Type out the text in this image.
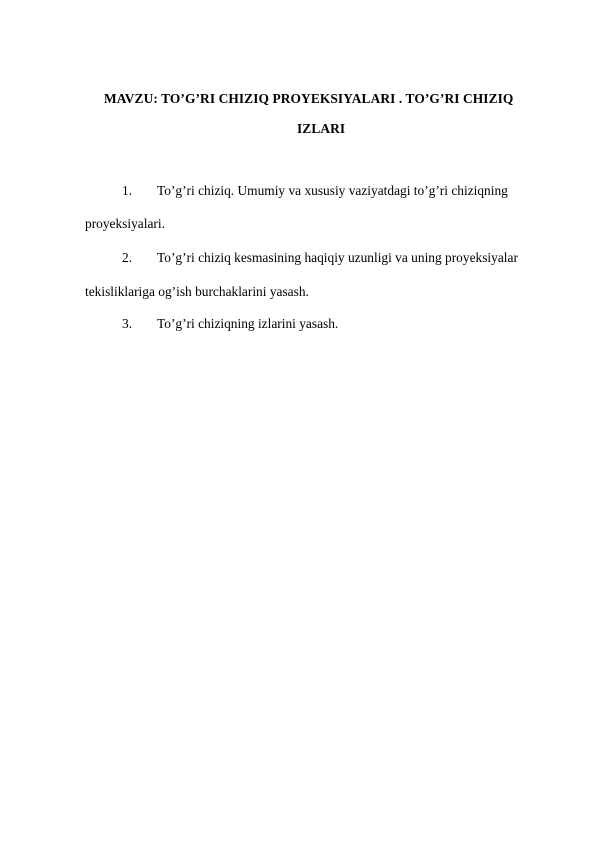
MAVZU: TO’G’RI CHIZIQ PROYEKSIYALARI . TO’G’RI CHIZIQ
IZLARI
1. To’g’ri chiziq. Umumiy va xususiy vaziyatdagi to’g’ri chiziqning
proyeksiyalari.
2. To’g’ri chiziq kesmasining haqiqiy uzunligi va uning proyeksiyalar
tekisliklariga og’ish burchaklarini yasash.
3. To’g’ri chiziqning izlarini yasash.
